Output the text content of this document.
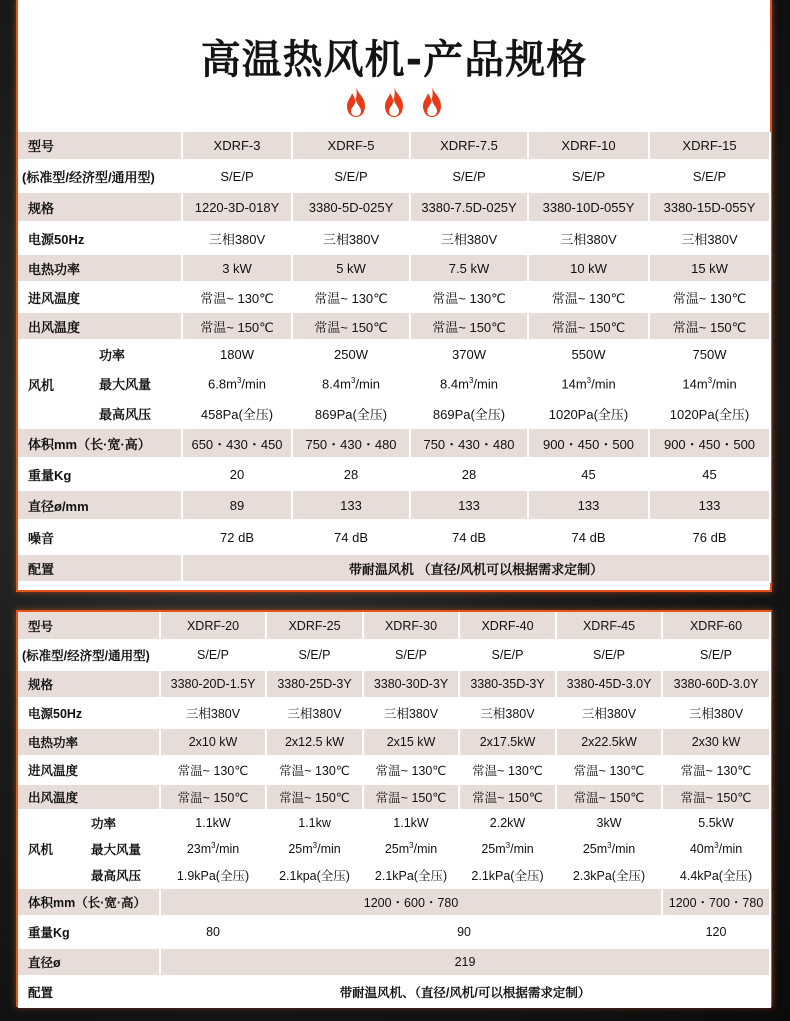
高温热风机-产品规格

型号		XDRF-3	XDRF-5	XDRF-7.5	XDRF-10	XDRF-15
(标准型/经济型/通用型)		S/E/P	S/E/P	S/E/P	S/E/P	S/E/P
规格		1220-3D-018Y	3380-5D-025Y	3380-7.5D-025Y	3380-10D-055Y	3380-15D-055Y
电源50Hz		三相380V	三相380V	三相380V	三相380V	三相380V
电热功率		3 kW	5 kW	7.5 kW	10 kW	15 kW
进风温度		常温~ 130℃	常温~ 130℃	常温~ 130℃	常温~ 130℃	常温~ 130℃
出风温度		常温~ 150℃	常温~ 150℃	常温~ 150℃	常温~ 150℃	常温~ 150℃
风机	功率	180W	250W	370W	550W	750W
	最大风量	$6.8m^3/\min$	$8.4m^3/\min$	$8.4m^3/\min$	$14m^3/\min$	$14m^3/\min$
	最高风压	458Pa(全压)	869Pa(全压)	869Pa(全压)	1020Pa(全压)	1020Pa(全压)
体积mm（长·宽·高）		650・430・450	750・430・480	750・430・480	900・450・500	900・450・500
重量Kg		20	28	28	45	45
直径ø/mm		89	133	133	133	133
噪音		72 dB	74 dB	74 dB	74 dB	76 dB
配置		带耐温风机 （直径/风机可以根据需求定制）				
型号		XDRF-20	XDRF-25	XDRF-30	XDRF-40	XDRF-45	XDRF-60
(标准型/经济型/通用型)		S/E/P	S/E/P	S/E/P	S/E/P	S/E/P	S/E/P
规格		3380-20D-1.5Y	3380-25D-3Y	3380-30D-3Y	3380-35D-3Y	3380-45D-3.0Y	3380-60D-3.0Y
电源50Hz		三相380V	三相380V	三相380V	三相380V	三相380V	三相380V
电热功率		2x10 kW	2x12.5 kW	2x15 kW	2x17.5kW	2x22.5kW	2x30 kW
进风温度		常温~ 130℃	常温~ 130℃	常温~ 130℃	常温~ 130℃	常温~ 130℃	常温~ 130℃
出风温度		常温~ 150℃	常温~ 150℃	常温~ 150℃	常温~ 150℃	常温~ 150℃	常温~ 150℃
风机	功率	1.1kW	1.1kw	1.1kW	2.2kW	3kW	5.5kW
	最大风量	$23m^3/\min$	$25m^3/\min$	$25m^3/\min$	$25m^3/\min$	$25m^3/\min$	$40m^3/\min$
	最高风压	1.9kPa(全压)	2.1kpa(全压)	2.1kPa(全压)	2.1kPa(全压)	2.3kPa(全压)	4.4kPa(全压)
体积mm（长·宽·高）		1200・600・780					1200・700・780
重量Kg		80	90				120
直径ø		219					
配置		带耐温风机、（直径/风机/可以根据需求定制）					
